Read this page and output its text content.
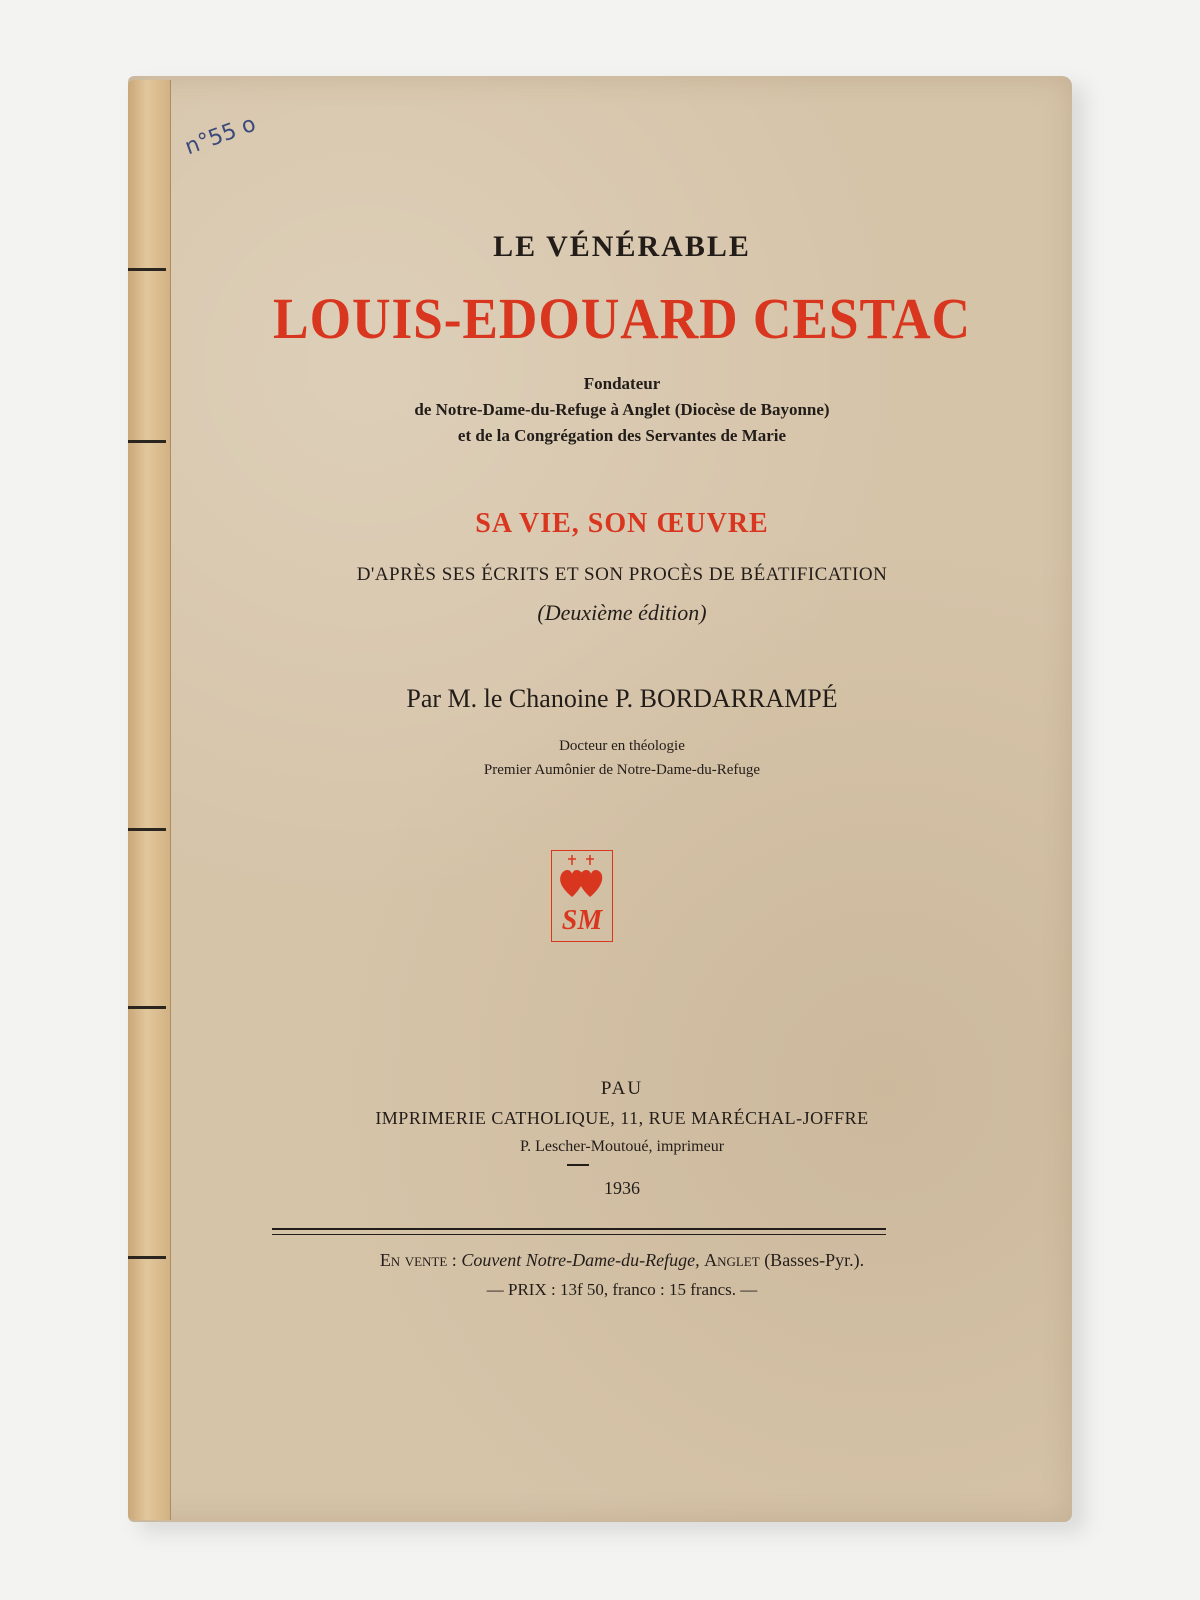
n°55 o
LE VÉNÉRABLE
LOUIS-EDOUARD CESTAC
Fondateur
de Notre-Dame-du-Refuge à Anglet (Diocèse de Bayonne)
et de la Congrégation des Servantes de Marie
SA VIE, SON ŒUVRE
D'APRÈS SES ÉCRITS ET SON PROCÈS DE BÉATIFICATION
(Deuxième édition)
Par M. le Chanoine P. BORDARRAMPÉ
Docteur en théologie
Premier Aumônier de Notre-Dame-du-Refuge
SM
PAU
IMPRIMERIE CATHOLIQUE, 11, RUE MARÉCHAL-JOFFRE
P. Lescher-Moutoué, imprimeur
1936
En vente : Couvent Notre-Dame-du-Refuge, Anglet (Basses-Pyr.).
— PRIX : 13f 50, franco : 15 francs. —
